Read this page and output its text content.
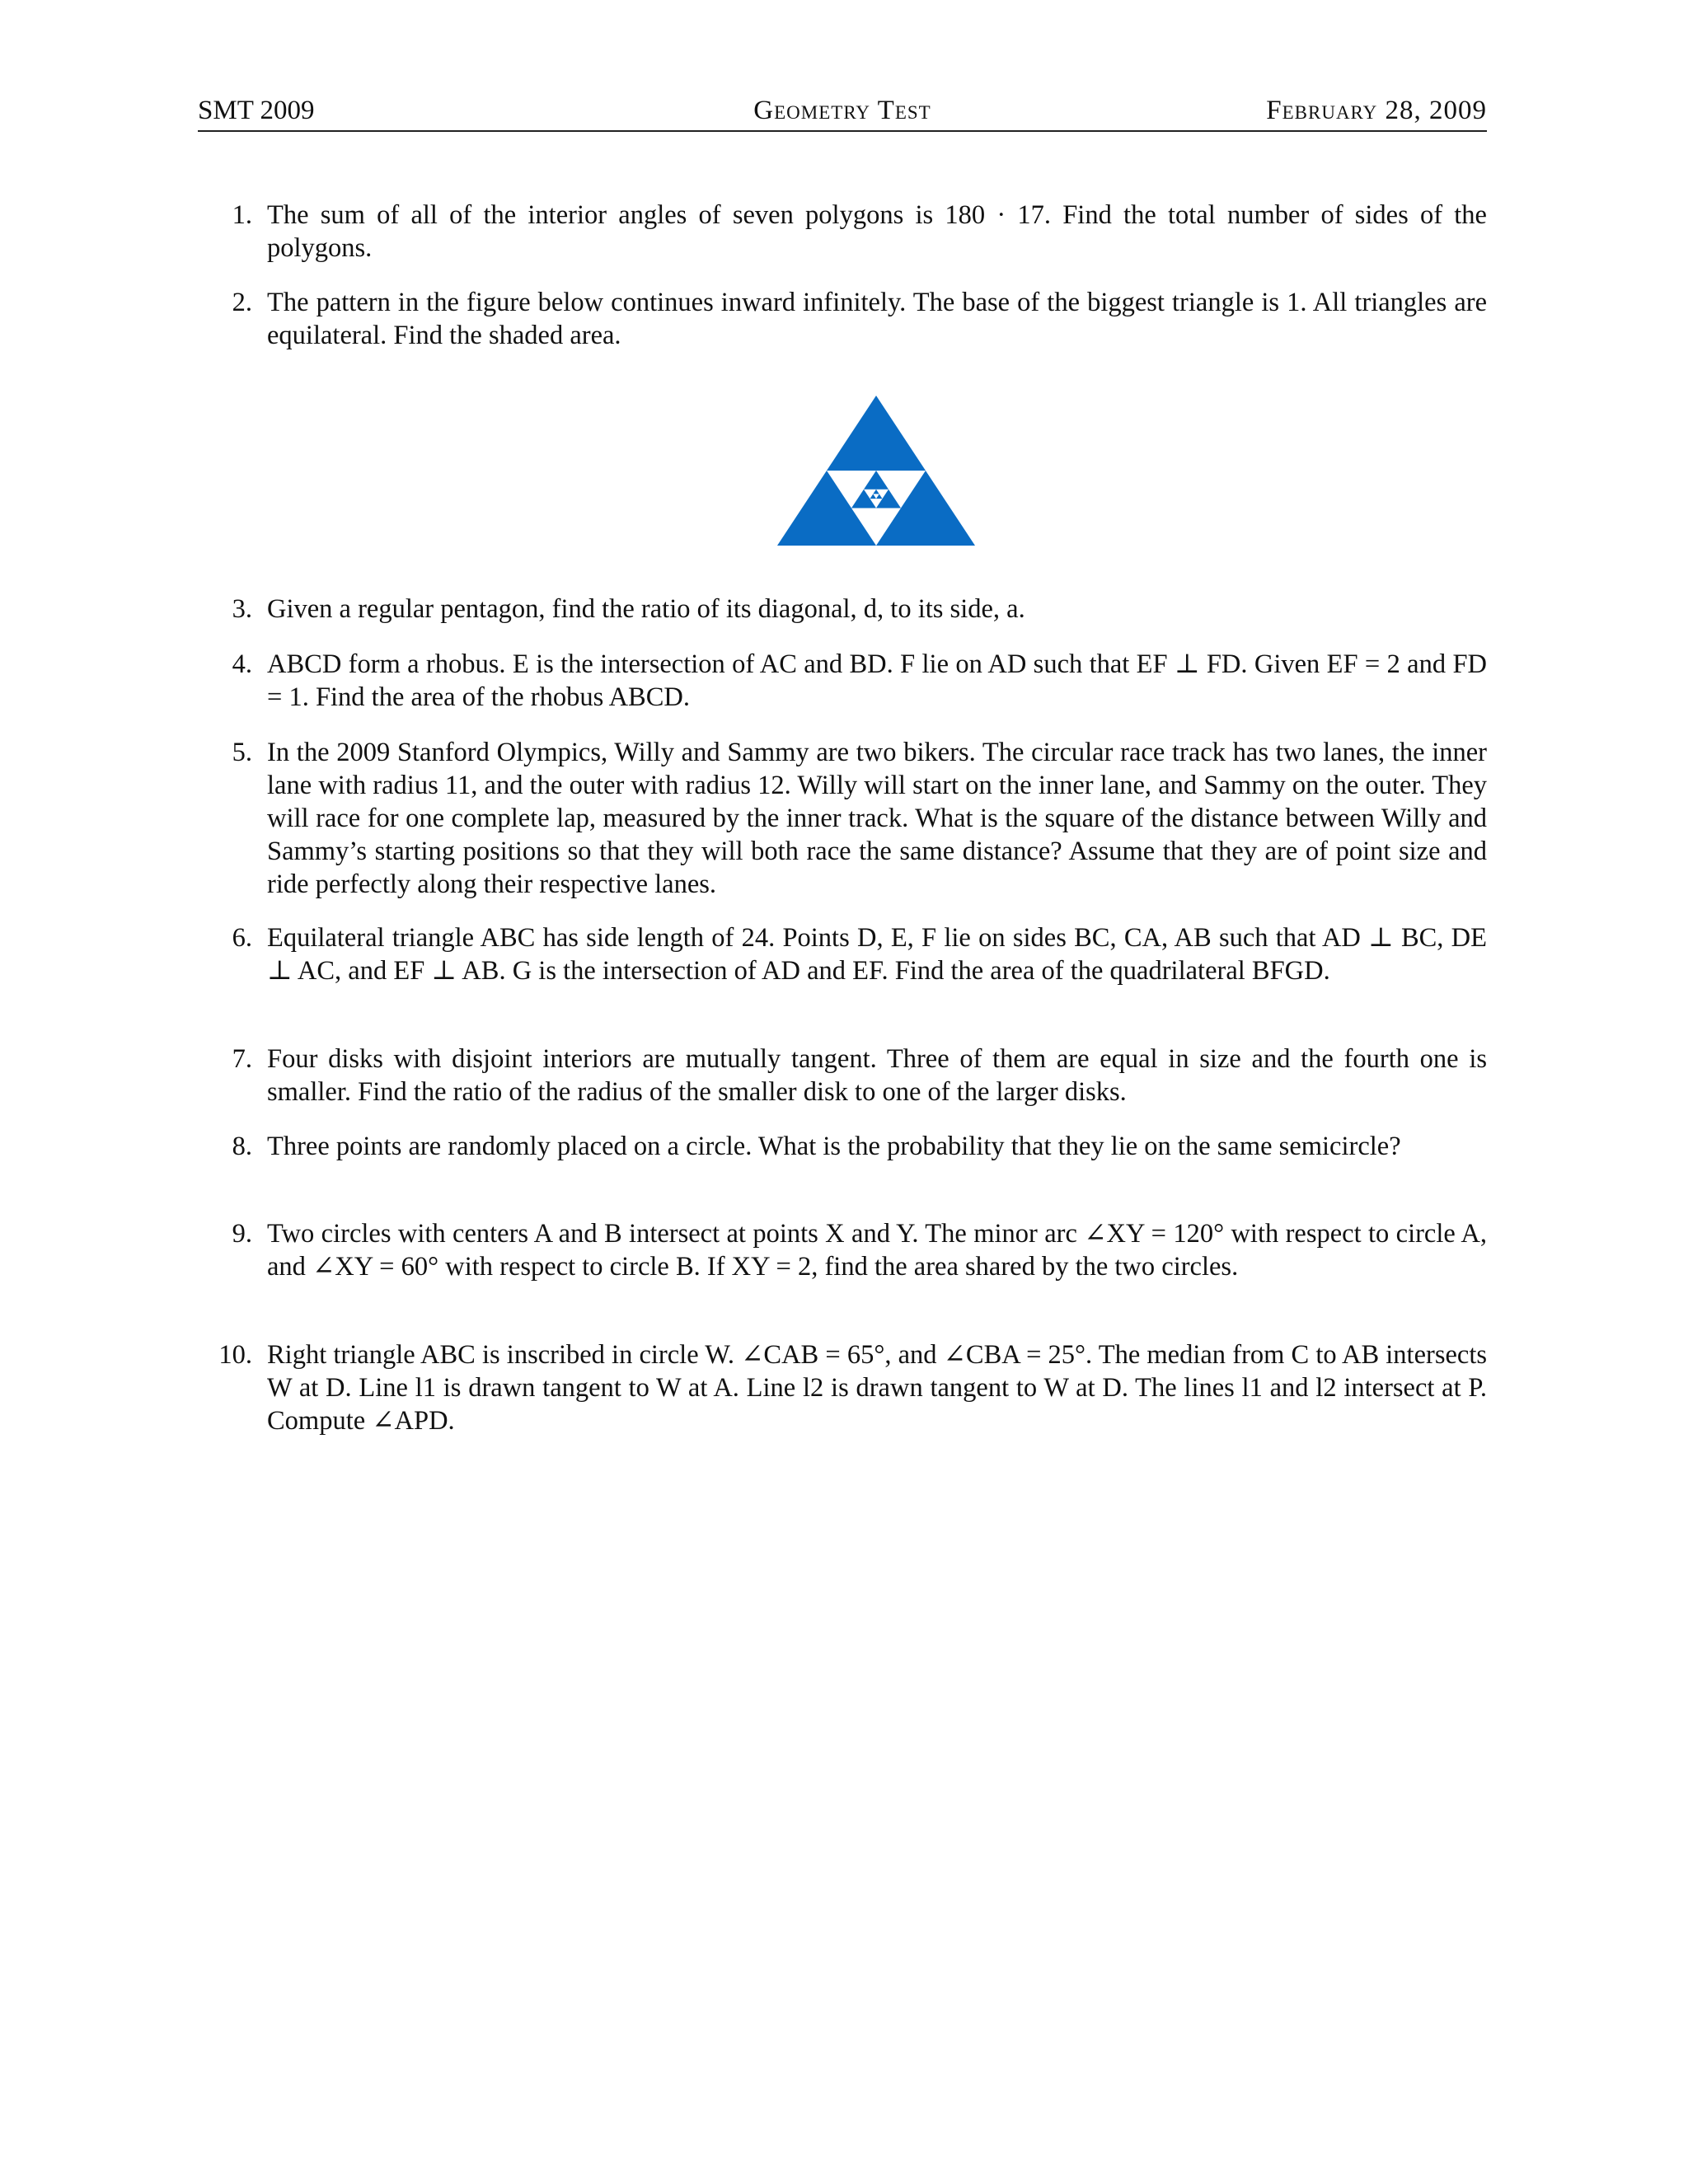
SMT 2009	Geometry Test	February 28, 2009
1. The sum of all of the interior angles of seven polygons is 180 · 17. Find the total number of sides of the polygons.
2. The pattern in the figure below continues inward infinitely. The base of the biggest triangle is 1. All triangles are equilateral. Find the shaded area.
3. Given a regular pentagon, find the ratio of its diagonal, d, to its side, a.
4. ABCD form a rhobus. E is the intersection of AC and BD. F lie on AD such that EF ⊥ FD. Given EF = 2 and FD = 1. Find the area of the rhobus ABCD.
5. In the 2009 Stanford Olympics, Willy and Sammy are two bikers. The circular race track has two lanes, the inner lane with radius 11, and the outer with radius 12. Willy will start on the inner lane, and Sammy on the outer. They will race for one complete lap, measured by the inner track. What is the square of the distance between Willy and Sammy’s starting positions so that they will both race the same distance? Assume that they are of point size and ride perfectly along their respective lanes.
6. Equilateral triangle ABC has side length of 24. Points D, E, F lie on sides BC, CA, AB such that AD ⊥ BC, DE ⊥ AC, and EF ⊥ AB. G is the intersection of AD and EF. Find the area of the quadrilateral BFGD.
7. Four disks with disjoint interiors are mutually tangent. Three of them are equal in size and the fourth one is smaller. Find the ratio of the radius of the smaller disk to one of the larger disks.
8. Three points are randomly placed on a circle. What is the probability that they lie on the same semicircle?
9. Two circles with centers A and B intersect at points X and Y. The minor arc ∠XY = 120° with respect to circle A, and ∠XY = 60° with respect to circle B. If XY = 2, find the area shared by the two circles.
10. Right triangle ABC is inscribed in circle W. ∠CAB = 65°, and ∠CBA = 25°. The median from C to AB intersects W at D. Line l1 is drawn tangent to W at A. Line l2 is drawn tangent to W at D. The lines l1 and l2 intersect at P. Compute ∠APD.
